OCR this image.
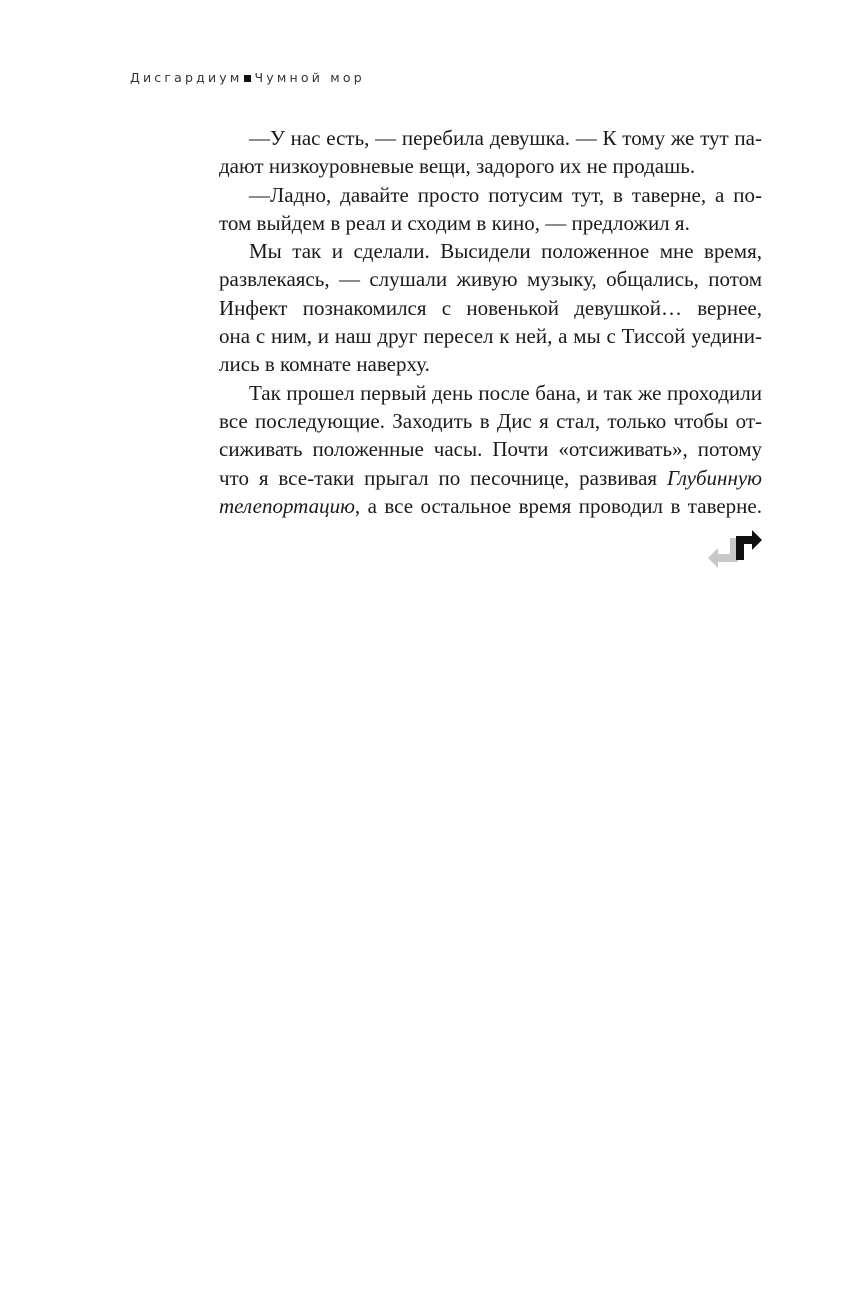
Дисгардиум Чумной мор

—У нас есть, — перебила девушка. — К тому же тут па-
дают низкоуровневые вещи, задорого их не продашь.

—Ладно, давайте просто потусим тут, в таверне, а по-
том выйдем в реал и сходим в кино, — предложил я.

Мы так и сделали. Высидели положенное мне время,
развлекаясь, — слушали живую музыку, общались, потом
Инфект познакомился с новенькой девушкой… вернее,
она с ним, и наш друг пересел к ней, а мы с Тиссой уедини-
лись в комнате наверху.

Так прошел первый день после бана, и так же проходили
все последующие. Заходить в Дис я стал, только чтобы от-
сиживать положенные часы. Почти «отсиживать», потому
что я все-таки прыгал по песочнице, развивая Глубинную
телепортацию, а все остальное время проводил в таверне.
